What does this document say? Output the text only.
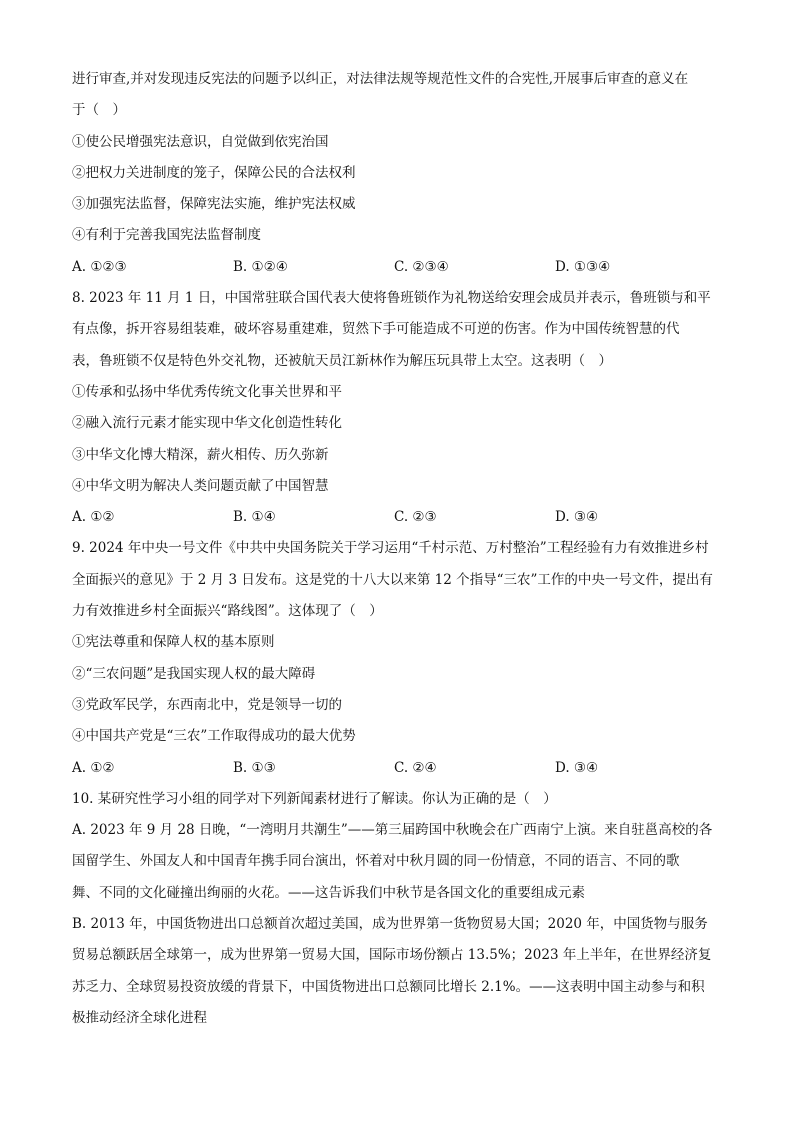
进行审查,并对发现违反宪法的问题予以纠正，对法律法规等规范性文件的合宪性,开展事后审查的意义在
于（　）
①使公民增强宪法意识，自觉做到依宪治国
②把权力关进制度的笼子，保障公民的合法权利
③加强宪法监督，保障宪法实施，维护宪法权威
④有利于完善我国宪法监督制度
A. ①②③	B. ①②④	C. ②③④	D. ①③④
8. 2023 年 11 月 1 日，中国常驻联合国代表大使将鲁班锁作为礼物送给安理会成员并表示，鲁班锁与和平
有点像，拆开容易组装难，破坏容易重建难，贸然下手可能造成不可逆的伤害。作为中国传统智慧的代
表，鲁班锁不仅是特色外交礼物，还被航天员江新林作为解压玩具带上太空。这表明（　）
①传承和弘扬中华优秀传统文化事关世界和平
②融入流行元素才能实现中华文化创造性转化
③中华文化博大精深，薪火相传、历久弥新
④中华文明为解决人类问题贡献了中国智慧
A. ①②	B. ①④	C. ②③	D. ③④
9. 2024 年中央一号文件《中共中央国务院关于学习运用“千村示范、万村整治”工程经验有力有效推进乡村
全面振兴的意见》于 2 月 3 日发布。这是党的十八大以来第 12 个指导“三农”工作的中央一号文件，提出有
力有效推进乡村全面振兴“路线图”。这体现了（　）
①宪法尊重和保障人权的基本原则
②“三农问题”是我国实现人权的最大障碍
③党政军民学，东西南北中，党是领导一切的
④中国共产党是“三农”工作取得成功的最大优势
A. ①②	B. ①③	C. ②④	D. ③④
10. 某研究性学习小组的同学对下列新闻素材进行了解读。你认为正确的是（　）
A. 2023 年 9 月 28 日晚，“一湾明月共潮生”——第三届跨国中秋晚会在广西南宁上演。来自驻邕高校的各
国留学生、外国友人和中国青年携手同台演出，怀着对中秋月圆的同一份情意，不同的语言、不同的歌
舞、不同的文化碰撞出绚丽的火花。——这告诉我们中秋节是各国文化的重要组成元素
B. 2013 年，中国货物进出口总额首次超过美国，成为世界第一货物贸易大国；2020 年，中国货物与服务
贸易总额跃居全球第一，成为世界第一贸易大国，国际市场份额占 13.5%；2023 年上半年，在世界经济复
苏乏力、全球贸易投资放缓的背景下，中国货物进出口总额同比增长 2.1%。——这表明中国主动参与和积
极推动经济全球化进程
